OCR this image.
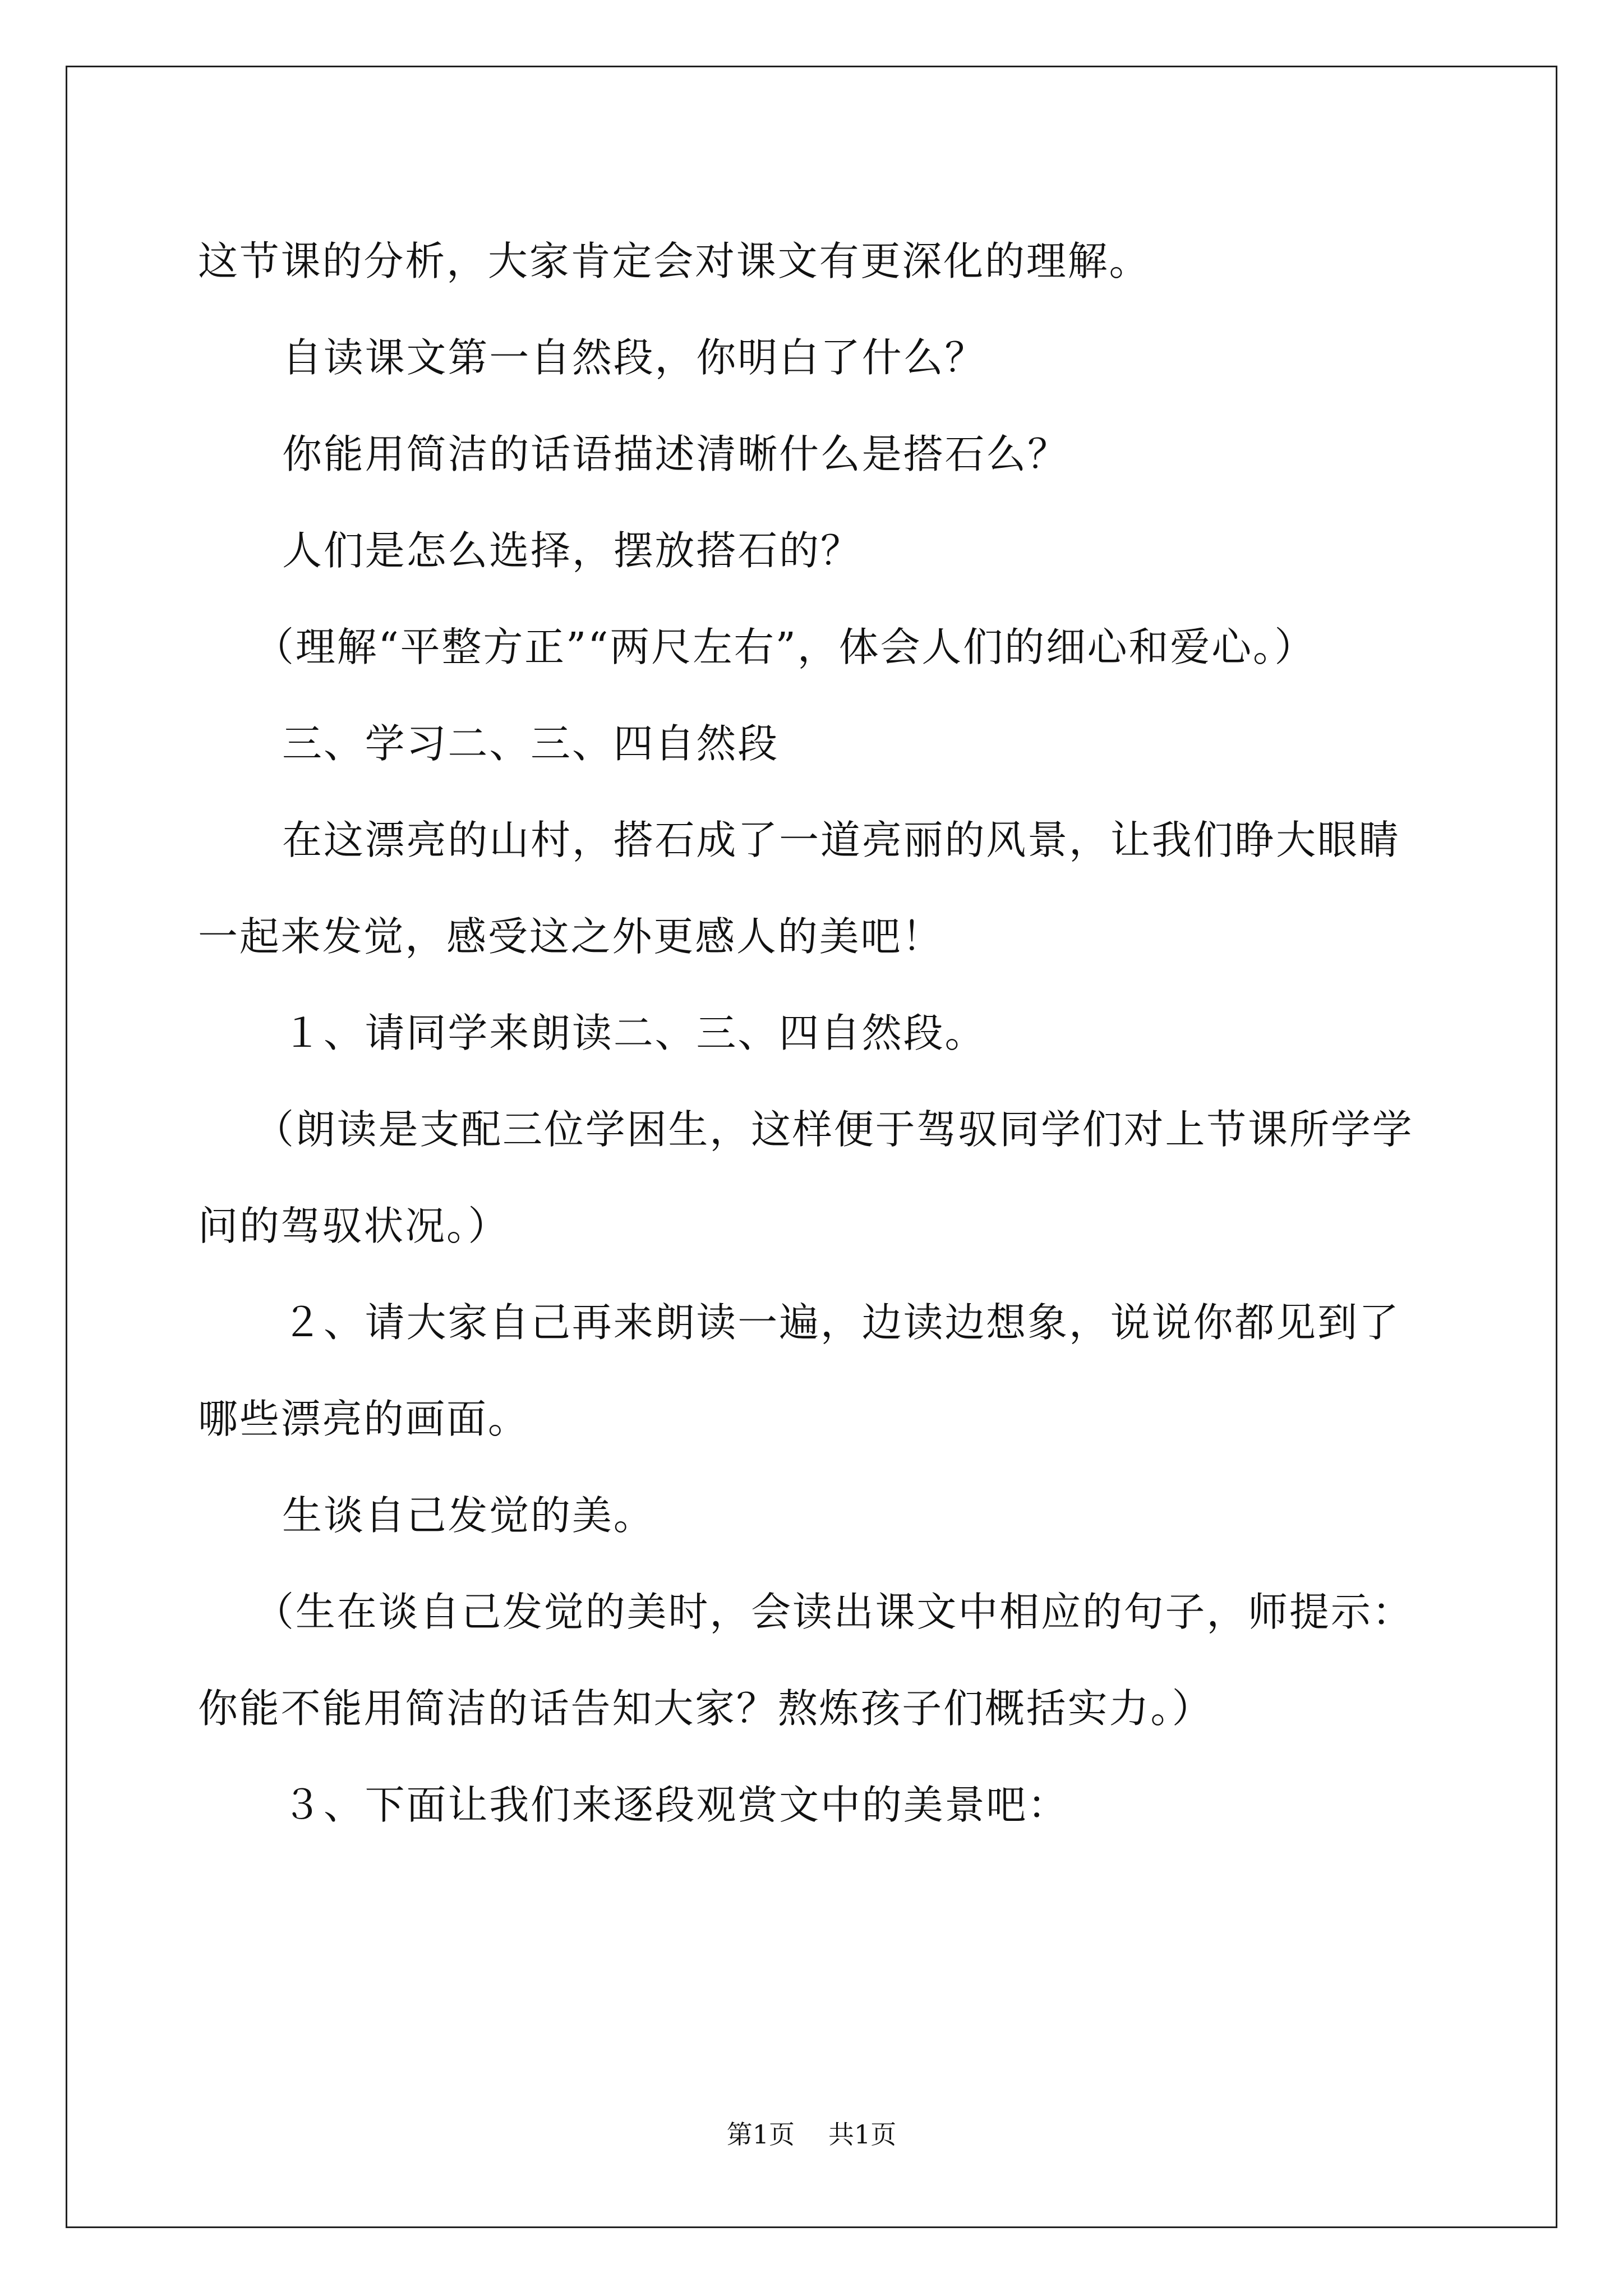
这节课的分析，大家肯定会对课文有更深化的理解。

自读课文第一自然段，你明白了什么？

你能用简洁的话语描述清晰什么是搭石么？

人们是怎么选择，摆放搭石的？

（理解“平整方正”“两尺左右”，体会人们的细心和爱心。）

三、学习二、三、四自然段

在这漂亮的山村，搭石成了一道亮丽的风景，让我们睁大眼睛一起来发觉，感受这之外更感人的美吧！

１、请同学来朗读二、三、四自然段。

（朗读是支配三位学困生，这样便于驾驭同学们对上节课所学学问的驾驭状况。）

２、请大家自己再来朗读一遍，边读边想象，说说你都见到了哪些漂亮的画面。

生谈自己发觉的美。

（生在谈自己发觉的美时，会读出课文中相应的句子，师提示：你能不能用简洁的话告知大家？熬炼孩子们概括实力。）

３、下面让我们来逐段观赏文中的美景吧：

第1页 共1页
